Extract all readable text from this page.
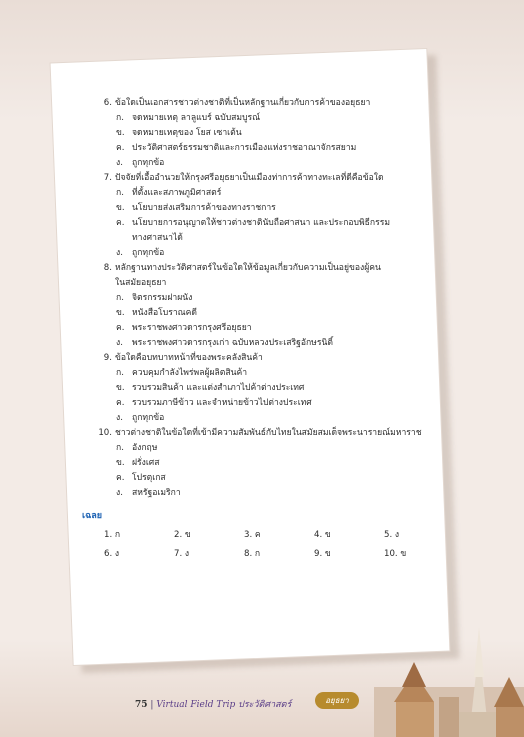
6. ข้อใดเป็นเอกสารชาวต่างชาติที่เป็นหลักฐานเกี่ยวกับการค้าของอยุธยา
ก. จดหมายเหตุ ลาลูแบร์ ฉบับสมบูรณ์
ข. จดหมายเหตุของ โยส เซาเต้น
ค. ประวัติศาสตร์ธรรมชาติและการเมืองแห่งราชอาณาจักรสยาม
ง. ถูกทุกข้อ
7. ปัจจัยที่เอื้ออำนวยให้กรุงศรีอยุธยาเป็นเมืองท่าการค้าทางทะเลที่ดีคือข้อใด
ก. ที่ตั้งและสภาพภูมิศาสตร์
ข. นโยบายส่งเสริมการค้าของทางราชการ
ค. นโยบายการอนุญาตให้ชาวต่างชาตินับถือศาสนา และประกอบพิธีกรรม
ทางศาสนาได้
ง. ถูกทุกข้อ
8. หลักฐานทางประวัติศาสตร์ในข้อใดให้ข้อมูลเกี่ยวกับความเป็นอยู่ของผู้คน
ในสมัยอยุธยา
ก. จิตรกรรมฝาผนัง
ข. หนังสือโบราณคดี
ค. พระราชพงศาวดารกรุงศรีอยุธยา
ง. พระราชพงศาวดารกรุงเก่า ฉบับหลวงประเสริฐอักษรนิติ์
9. ข้อใดคือบทบาทหน้าที่ของพระคลังสินค้า
ก. ควบคุมกำลังไพร่พลผู้ผลิตสินค้า
ข. รวบรวมสินค้า และแต่งสำเภาไปค้าต่างประเทศ
ค. รวบรวมภาษีข้าว และจำหน่ายข้าวไปต่างประเทศ
ง. ถูกทุกข้อ
10. ชาวต่างชาติในข้อใดที่เข้ามีความสัมพันธ์กับไทยในสมัยสมเด็จพระนารายณ์มหาราช
ก. อังกฤษ
ข. ฝรั่งเศส
ค. โปรตุเกส
ง. สหรัฐอเมริกา
เฉลย
1. ก	2. ข	3. ค	4. ข	5. ง
6. ง	7. ง	8. ก	9. ข	10. ข
75 | Virtual Field Trip ประวัติศาสตร์	อยุธยา
